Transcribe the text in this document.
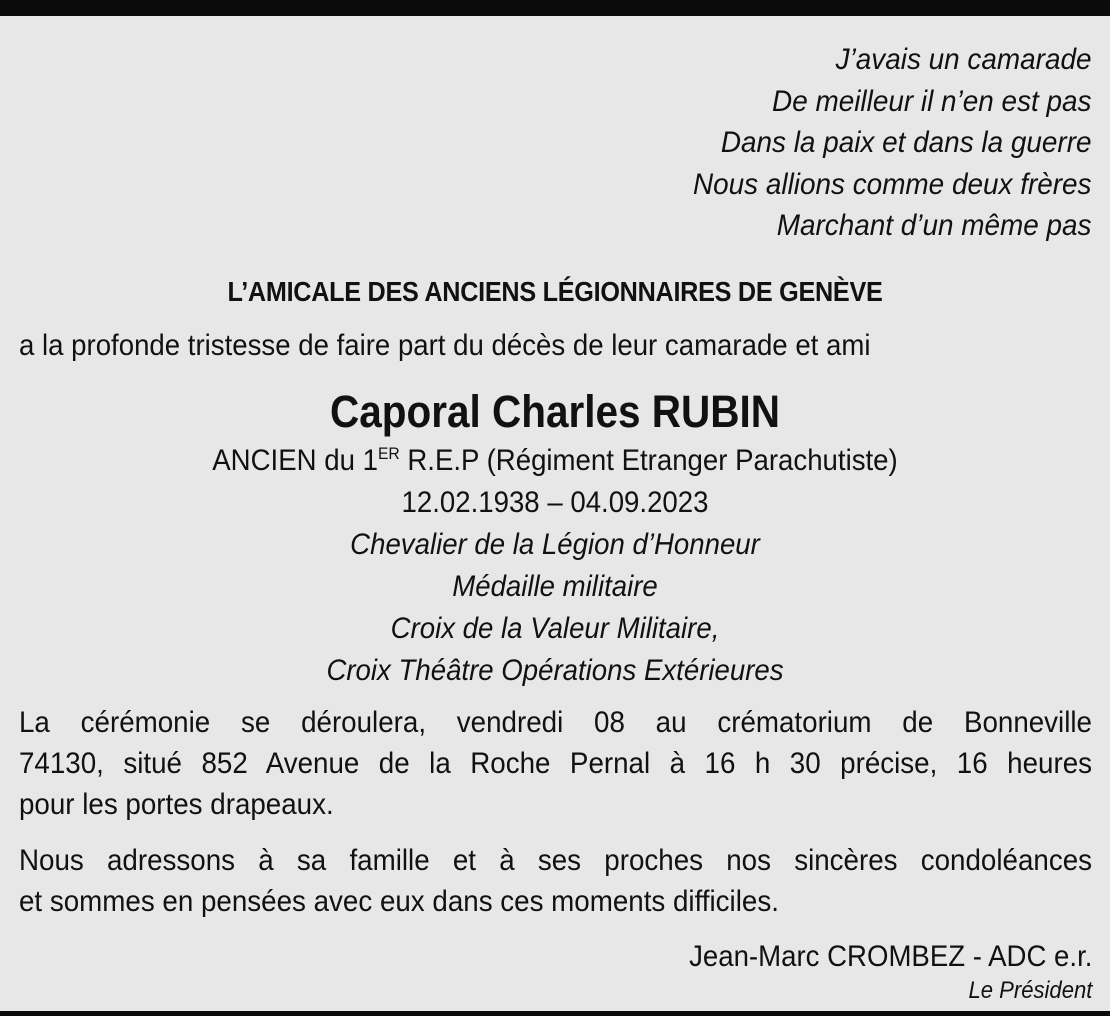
J’avais un camarade
De meilleur il n’en est pas
Dans la paix et dans la guerre
Nous allions comme deux frères
Marchant d’un même pas
L’AMICALE DES ANCIENS LÉGIONNAIRES DE GENÈVE
a la profonde tristesse de faire part du décès de leur camarade et ami
Caporal Charles RUBIN
ANCIEN du 1ER R.E.P (Régiment Etranger Parachutiste)
12.02.1938 – 04.09.2023
Chevalier de la Légion d’Honneur
Médaille militaire
Croix de la Valeur Militaire,
Croix Théâtre Opérations Extérieures
La cérémonie se déroulera, vendredi 08 au crématorium de Bonneville
74130, situé 852 Avenue de la Roche Pernal à 16 h 30 précise, 16 heures
pour les portes drapeaux.
Nous adressons à sa famille et à ses proches nos sincères condoléances
et sommes en pensées avec eux dans ces moments difficiles.
Jean-Marc CROMBEZ - ADC e.r.
Le Président
